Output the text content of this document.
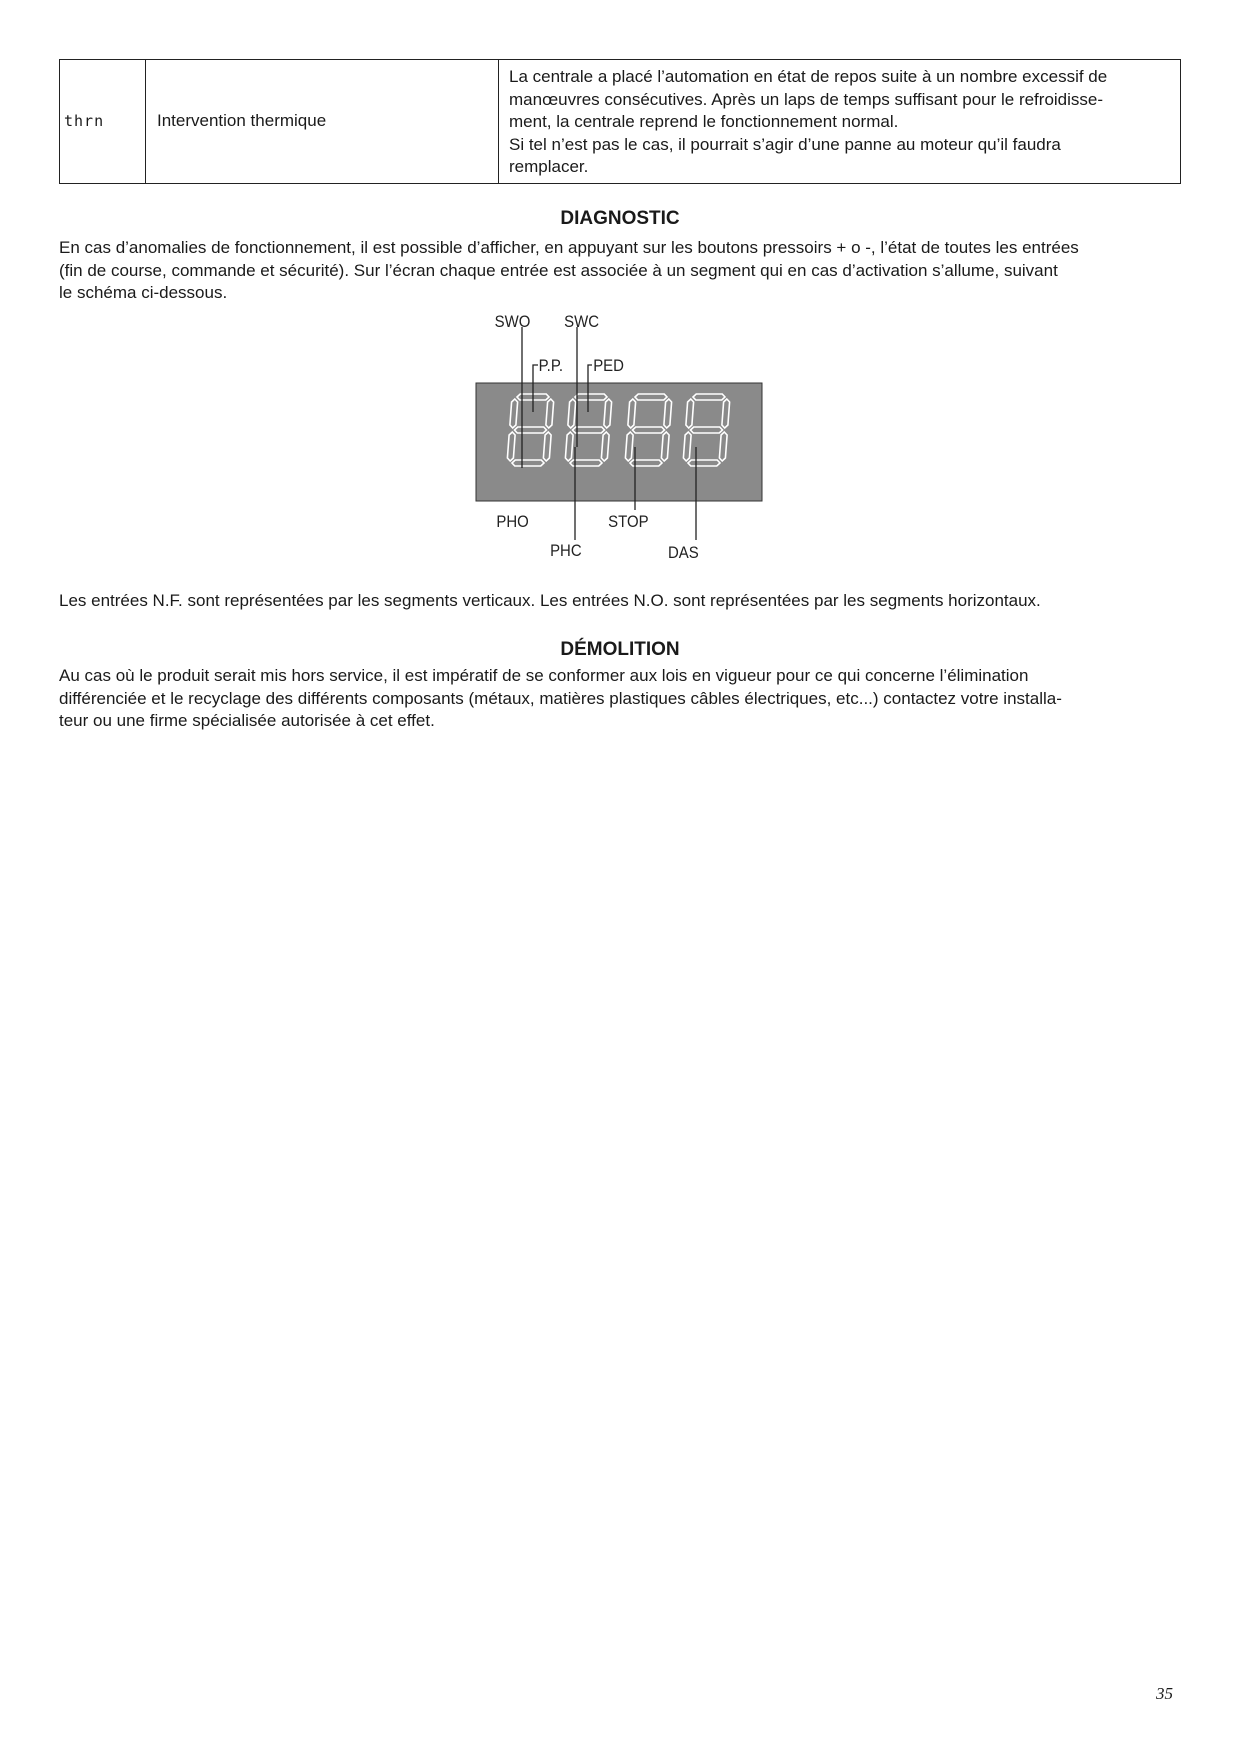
thrn	Intervention thermique	
La centrale a placé l’automation en état de repos suite à un nombre excessif de
manœuvres consécutives. Après un laps de temps suffisant pour le refroidisse-
ment, la centrale reprend le fonctionnement normal.
Si tel n’est pas le cas, il pourrait s’agir d’une panne au moteur qu’il faudra
remplacer.
DIAGNOSTIC
En cas d’anomalies de fonctionnement, il est possible d’afficher, en appuyant sur les boutons pressoirs + o -, l’état de toutes les entrées
(fin de course, commande et sécurité). Sur l’écran chaque entrée est associée à un segment qui en cas d’activation s’allume, suivant
le schéma ci-dessous.
SWO SWC
P.P. PED
PHO
PHC
STOP
DAS
Les entrées N.F. sont représentées par les segments verticaux. Les entrées N.O. sont représentées par les segments horizontaux.
DÉMOLITION
Au cas où le produit serait mis hors service, il est impératif de se conformer aux lois en vigueur pour ce qui concerne l’élimination
différenciée et le recyclage des différents composants (métaux, matières plastiques câbles électriques, etc...) contactez votre installa-
teur ou une firme spécialisée autorisée à cet effet.
35
